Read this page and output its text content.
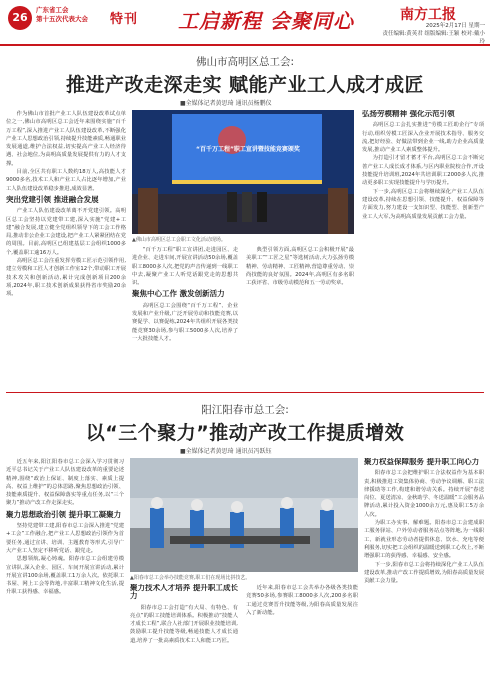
26
广东省工会
第十五次代表大会	特刊 工启新程 会聚同心	南方工报
2025年2月17日 星期一
责任编辑:黄英君 组版编辑:王颖 校对:戴小玲
佛山市高明区总工会:
推进产改走深走实 赋能产业工人成才成匠
■全媒体记者黄思琦 通讯员杨鹏仪

作为佛山市首批产业工人队伍建设改革试点单位之一,佛山市高明区总工会近年来围绕实施“百千万工程”,深入推进产业工人队伍建设改革,不断强化产业工人思想政治引领,持续提升技能素质,畅通职业发展通道,维护合法权益,切实提高产业工人经济待遇、社会地位,为高明高质量发展提供有力的人才支撑。

目前,全区共有职工人数约18万人,高技能人才9000多名,技术工人和产业工人占比逐年增加,产业工人队伍建设改革稳步推进,成效显著。

突出党建引领 推进融合发展

产业工人队伍建设改革离不开党建引领。高明区总工会坚持以党建带工建,深入实施“党建+工建”融合发展,建立健全党组织领导下的工会工作格局,推动非公企业工会建设,把产业工人紧紧团结在党的周围。目前,高明区已组建基层工会组织1000多个,覆盖职工逾16万人。

高明区总工会注重发挥劳模工匠示范引领作用,建立劳模和工匠人才创新工作室12个,带动职工开展技术攻关和创新活动,累计完成创新项目200余项,2024年,职工技术创新成果获得省市奖励20余项。

“百千万工程”职工宣讲暨技能竞赛颁奖
▲佛山市高明区总工会职工文化活动现场。

“百千万工程”职工宣讲团,走进园区、走进企业、走进车间,开展宣讲活动50余场,覆盖职工8000多人次,把党的声音传递到一线职工中去,凝聚产业工人听党话跟党走的思想共识。

聚焦中心工作 激发创新活力

高明区总工会围绕“百千万工程”、企业发展和产业升级,广泛开展劳动和技能竞赛,以赛促学、以赛促练,2024年共组织开展各类技能竞赛30余场,参与职工5000多人次,培养了一大批技能人才。

典型引领方面,高明区总工会积极开展“最美职工”“工匠之星”等选树活动,大力弘扬劳模精神、劳动精神、工匠精神,营造尊重劳动、崇尚技能的良好氛围。2024年,高明区有多名职工获评省、市级劳动模范和五一劳动奖章。

弘扬劳模精神 强化示范引领

高明区总工会扎实推进“劳模工匠助企行”专项行动,组织劳模工匠深入企业开展技术指导、服务交流,把好经验、好做法带到企业一线,助力企业高质量发展,推动产业工人素质整体提升。

为打造引才留才蓄才平台,高明区总工会不断完善产业工人成长成才体系,与区内职业院校合作,开设技能提升培训班,2024年共培训职工2000多人次,推动更多职工实现技能提升与学历提升。

下一步,高明区总工会将继续深化产业工人队伍建设改革,持续在思想引领、技能提升、权益保障等方面发力,努力建设一支知识型、技能型、创新型产业工人大军,为高明高质量发展贡献工会力量。

阳江阳春市总工会:
以“三个聚力”推动产改工作提质增效
■全媒体记者黄思琦 通讯员冯跃钰

近五年来,阳江阳春市总工会深入学习贯彻习近平总书记关于产业工人队伍建设改革的重要论述精神,围绕“政治上保证、制度上落实、素质上提高、权益上维护”的总体思路,聚焦思想政治引领、技能素质提升、权益保障落实等重点任务,以“三个聚力”推动产改工作走深走实。

聚力思想政治引领 提升职工凝聚力

坚持党建带工建,阳春市总工会深入推进“党建+工会”工作融合,把产业工人思想政治引领作为首要任务,通过宣讲、培训、主题教育等形式,引导广大产业工人坚定不移听党话、跟党走。

思想领航,凝心铸魂。阳春市总工会组建劳模宣讲队,深入企业、园区、车间开展宣讲活动,累计开展宣讲100余场,覆盖职工1万余人次。依托职工书屋、网上工会等阵地,丰富职工精神文化生活,提升职工获得感、幸福感。

▲阳春市总工会举办技能竞赛,职工们在现场比拼技艺。
聚力技术人才培养 提升职工成长力

阳春市总工会打造“有大局、有特色、有亮点”的职工技能培训体系。积极推动“技能人才成长工程”,联合人社部门开展职业技能培训,鼓励职工提升技能等级,畅通技能人才成长通道,培养了一批高素质技术工人和能工巧匠。

近年来,阳春市总工会共举办各级各类技能竞赛50多场,参赛职工8000多人次,200多名职工通过竞赛晋升技能等级,为阳春高质量发展注入了新动能。

聚力权益保障服务 提升职工向心力

阳春市总工会把维护职工合法权益作为基本职责,积极推进工资集体协商、劳动争议调解、职工法律援助等工作,构建和谐劳动关系。持续开展“春送岗位、夏送清凉、金秋助学、冬送温暖”工会服务品牌活动,累计投入资金1000余万元,惠及职工5万余人次。

为职工办实事、解难题。阳春市总工会建成职工服务驿站、户外劳动者服务站点等阵地,为一线职工、新就业形态劳动者提供休息、饮水、充电等便利服务,切实把工会组织的温暖送到职工心坎上,不断增强职工的获得感、幸福感、安全感。

下一步,阳春市总工会将持续深化产业工人队伍建设改革,推动产改工作提质增效,为阳春高质量发展贡献工会力量。
